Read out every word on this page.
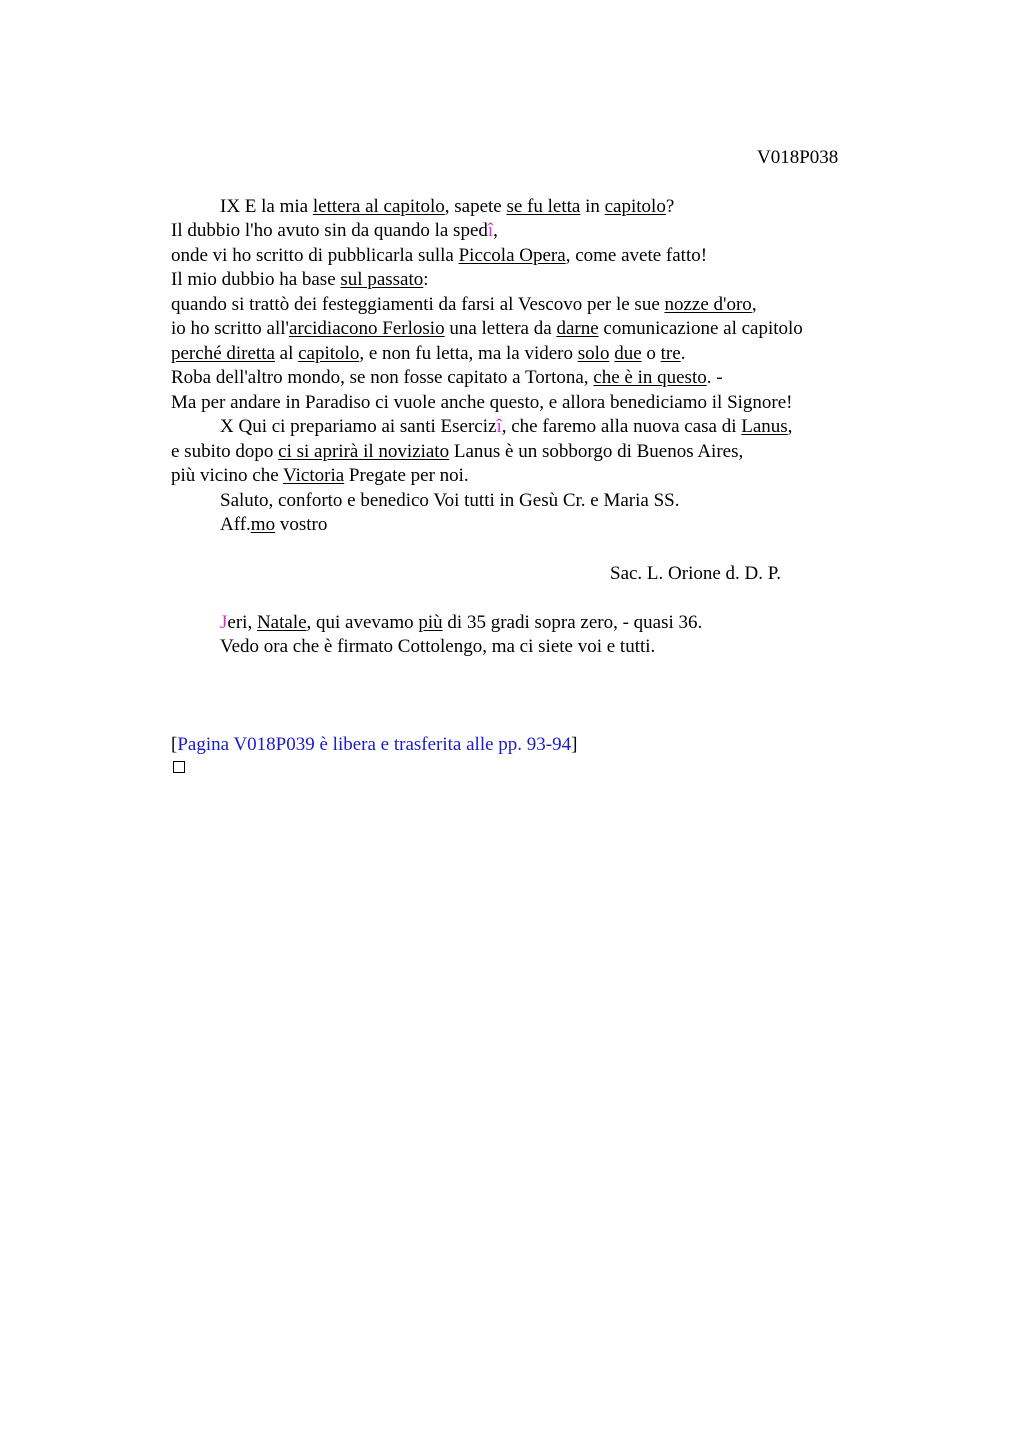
V018P038
IX E la mia lettera al capitolo, sapete se fu letta in capitolo?
Il dubbio l'ho avuto sin da quando la spedî,
onde vi ho scritto di pubblicarla sulla Piccola Opera, come avete fatto!
Il mio dubbio ha base sul passato:
quando si trattò dei festeggiamenti da farsi al Vescovo per le sue nozze d'oro,
io ho scritto all'arcidiacono Ferlosio una lettera da darne comunicazione al capitolo
perché diretta al capitolo, e non fu letta, ma la videro solo due o tre.
Roba dell'altro mondo, se non fosse capitato a Tortona, che è in questo. -
Ma per andare in Paradiso ci vuole anche questo, e allora benediciamo il Signore!
X Qui ci prepariamo ai santi Esercizî, che faremo alla nuova casa di Lanus,
e subito dopo ci si aprirà il noviziato Lanus è un sobborgo di Buenos Aires,
più vicino che Victoria Pregate per noi.
Saluto, conforto e benedico Voi tutti in Gesù Cr. e Maria SS.
Aff.mo vostro
Sac. L. Orione d. D. P.
Jeri, Natale, qui avevamo più di 35 gradi sopra zero, - quasi 36.
Vedo ora che è firmato Cottolengo, ma ci siete voi e tutti.
[Pagina V018P039 è libera e trasferita alle pp. 93-94]
